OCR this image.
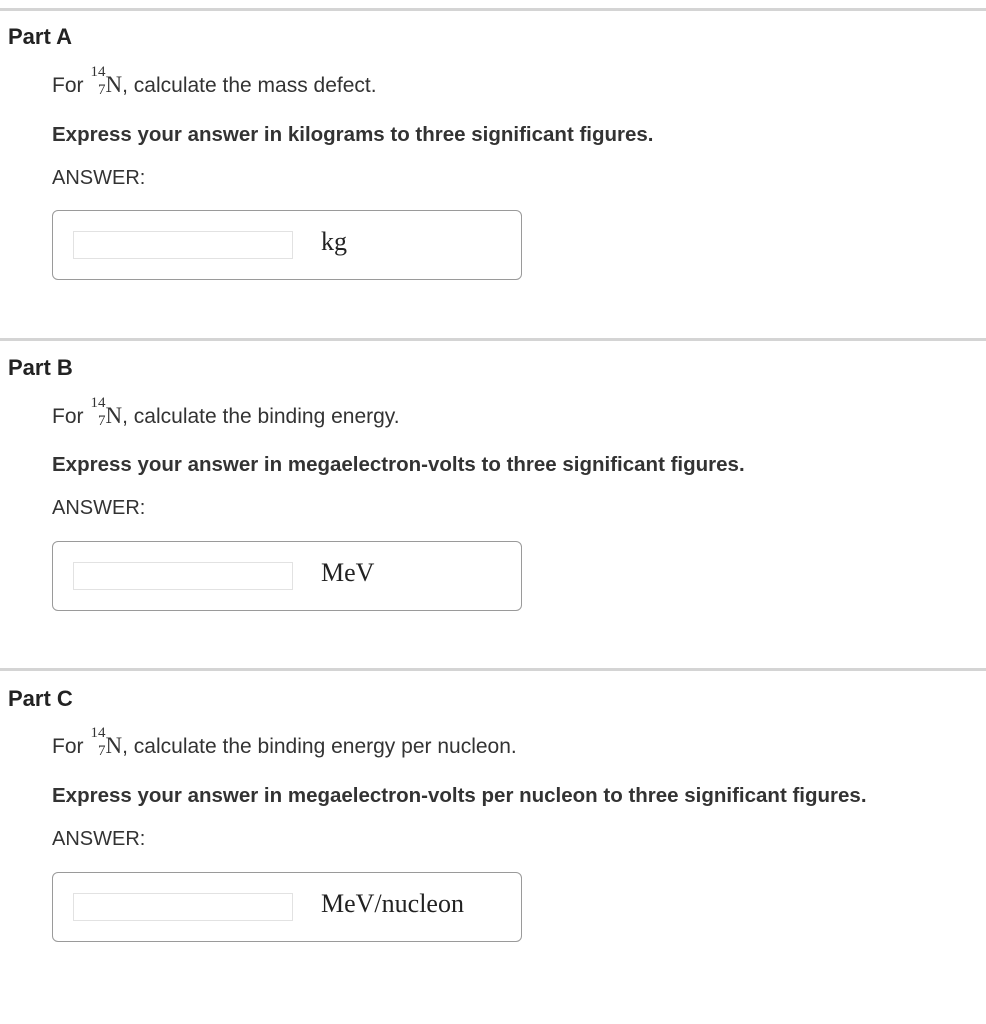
Part A
For
14
7 N, calculate the mass defect.
Express your answer in kilograms to three significant figures.
ANSWER:
kg
Part B
For
14
7 N, calculate the binding energy.
Express your answer in megaelectron-volts to three significant figures.
ANSWER:
MeV
Part C
For
14
7 N, calculate the binding energy per nucleon.
Express your answer in megaelectron-volts per nucleon to three significant figures.
ANSWER:
MeV/nucleon
